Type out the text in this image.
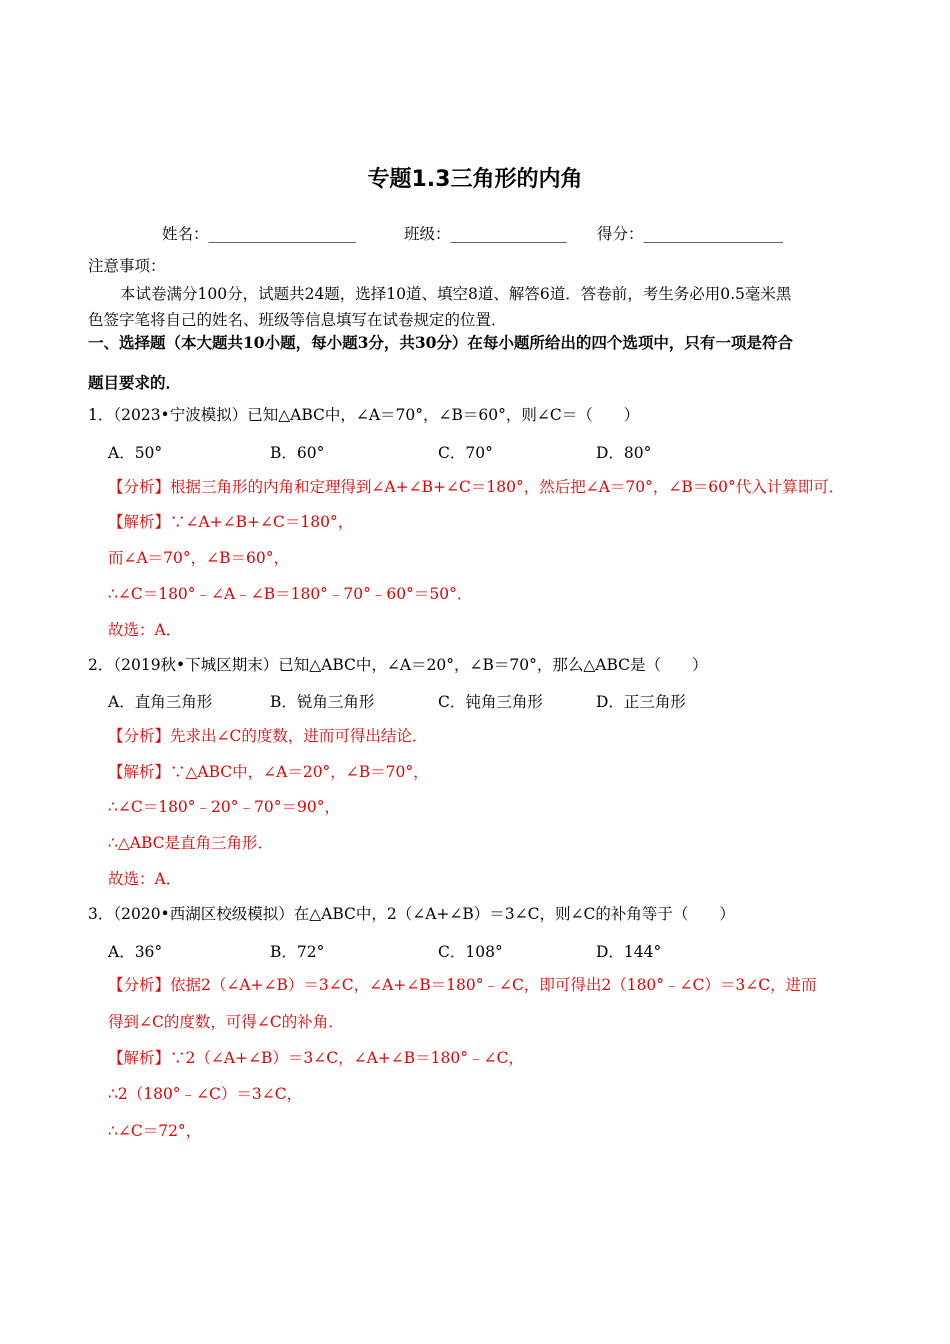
专题1.3三角形的内角
姓名：___________________	班级：_______________ 得分：__________________
注意事项：
本试卷满分100分，试题共24题，选择10道、填空8道、解答6道．答卷前，考生务必用0.5毫米黑
色签字笔将自己的姓名、班级等信息填写在试卷规定的位置．
一、选择题（本大题共10小题，每小题3分，共30分）在每小题所给出的四个选项中，只有一项是符合
题目要求的．
1．（2023•宁波模拟）已知△ABC中，∠A＝70°，∠B＝60°，则∠C＝（　　）
A．50°	B．60°	C．70°	D．80°
【分析】根据三角形的内角和定理得到∠A+∠B+∠C＝180°，然后把∠A＝70°，∠B＝60°代入计算即可．
【解析】∵∠A+∠B+∠C＝180°，
而∠A＝70°，∠B＝60°，
∴∠C＝180°﹣∠A﹣∠B＝180°﹣70°﹣60°＝50°．
故选：A．
2．（2019秋•下城区期末）已知△ABC中，∠A＝20°，∠B＝70°，那么△ABC是（　　）
A．直角三角形	B．锐角三角形	C．钝角三角形	D．正三角形
【分析】先求出∠C的度数，进而可得出结论．
【解析】∵△ABC中，∠A＝20°，∠B＝70°，
∴∠C＝180°﹣20°﹣70°＝90°，
∴△ABC是直角三角形．
故选：A．
3．（2020•西湖区校级模拟）在△ABC中，2（∠A+∠B）＝3∠C，则∠C的补角等于（　　）
A．36°	B．72°	C．108°	D．144°
【分析】依据2（∠A+∠B）＝3∠C，∠A+∠B＝180°﹣∠C，即可得出2（180°﹣∠C）＝3∠C，进而
得到∠C的度数，可得∠C的补角．
【解析】∵2（∠A+∠B）＝3∠C，∠A+∠B＝180°﹣∠C，
∴2（180°﹣∠C）＝3∠C，
∴∠C＝72°，
